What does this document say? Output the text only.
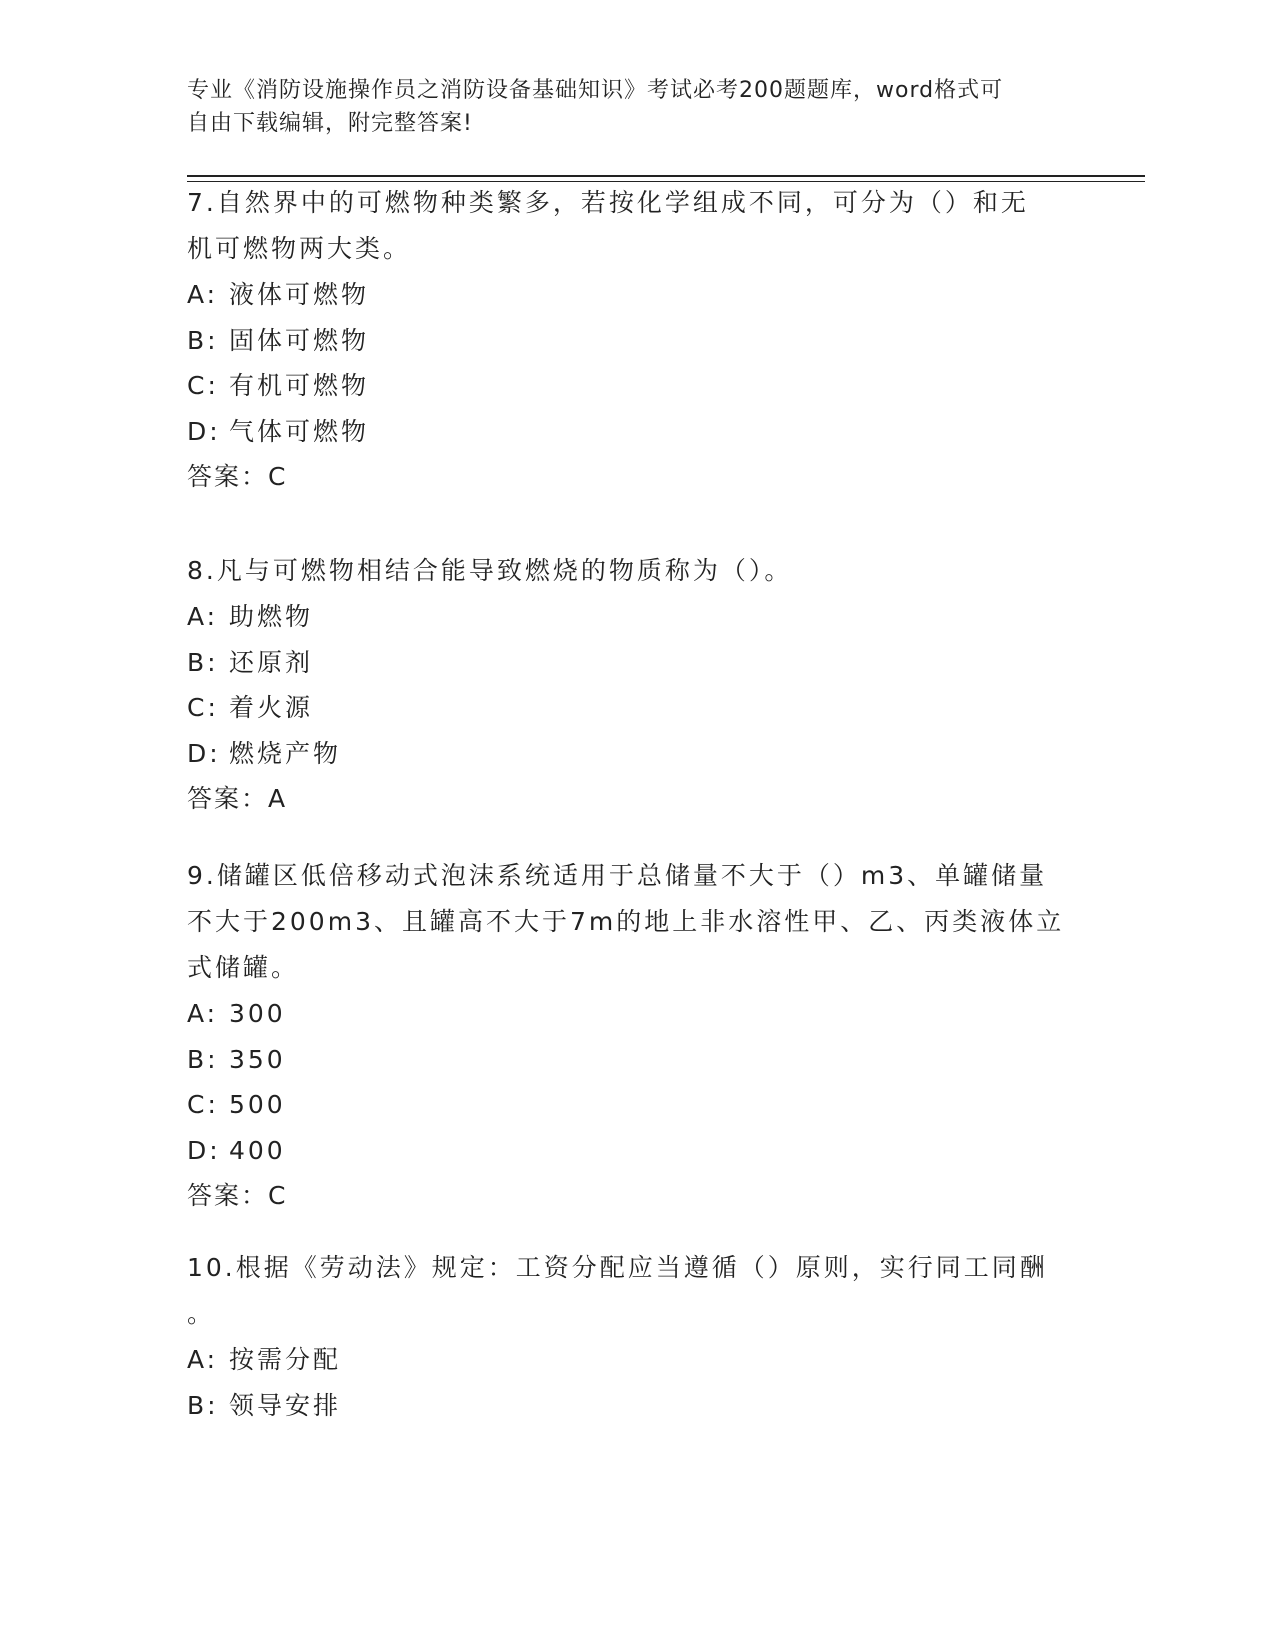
专业《消防设施操作员之消防设备基础知识》考试必考200题题库，word格式可
自由下载编辑，附完整答案!

7.自然界中的可燃物种类繁多，若按化学组成不同，可分为（）和无

机可燃物两大类。

A: 液体可燃物

B: 固体可燃物

C: 有机可燃物

D: 气体可燃物

答案：C

8.凡与可燃物相结合能导致燃烧的物质称为（）。

A: 助燃物

B: 还原剂

C: 着火源

D: 燃烧产物

答案：A

9.储罐区低倍移动式泡沫系统适用于总储量不大于（）m3、单罐储量

不大于200m3、且罐高不大于7m的地上非水溶性甲、乙、丙类液体立

式储罐。

A: 300

B: 350

C: 500

D: 400

答案：C

10.根据《劳动法》规定：工资分配应当遵循（）原则，实行同工同酬

。

A: 按需分配

B: 领导安排
